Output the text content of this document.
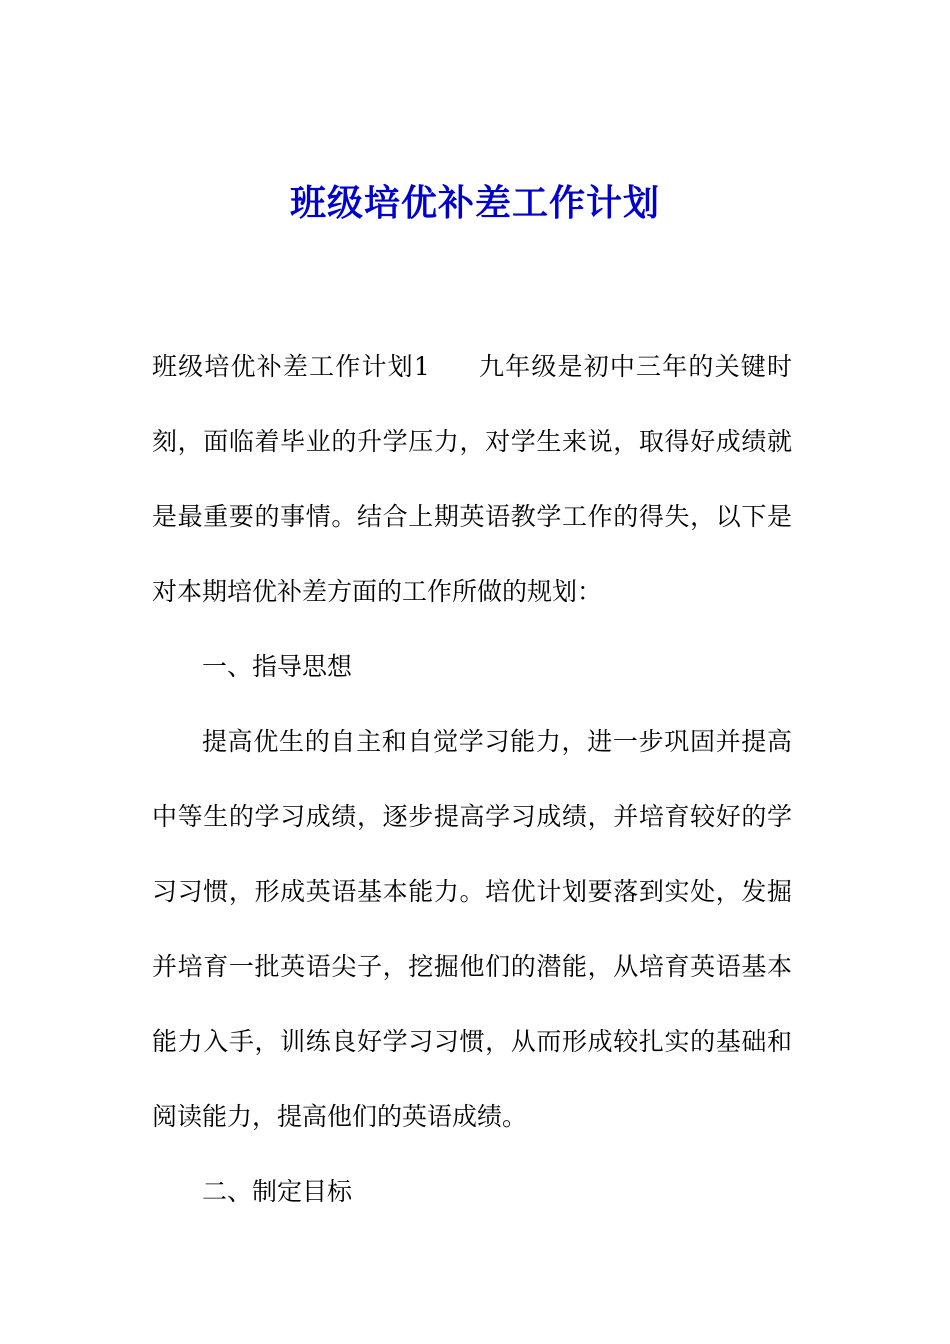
班级培优补差工作计划

班级培优补差工作计划1 九年级是初中三年的关键时刻，面临着毕业的升学压力，对学生来说，取得好成绩就是最重要的事情。结合上期英语教学工作的得失，以下是对本期培优补差方面的工作所做的规划：

一、指导思想

提高优生的自主和自觉学习能力，进一步巩固并提高中等生的学习成绩，逐步提高学习成绩，并培育较好的学习习惯，形成英语基本能力。培优计划要落到实处，发掘并培育一批英语尖子，挖掘他们的潜能，从培育英语基本能力入手，训练良好学习习惯，从而形成较扎实的基础和阅读能力，提高他们的英语成绩。

二、制定目标
